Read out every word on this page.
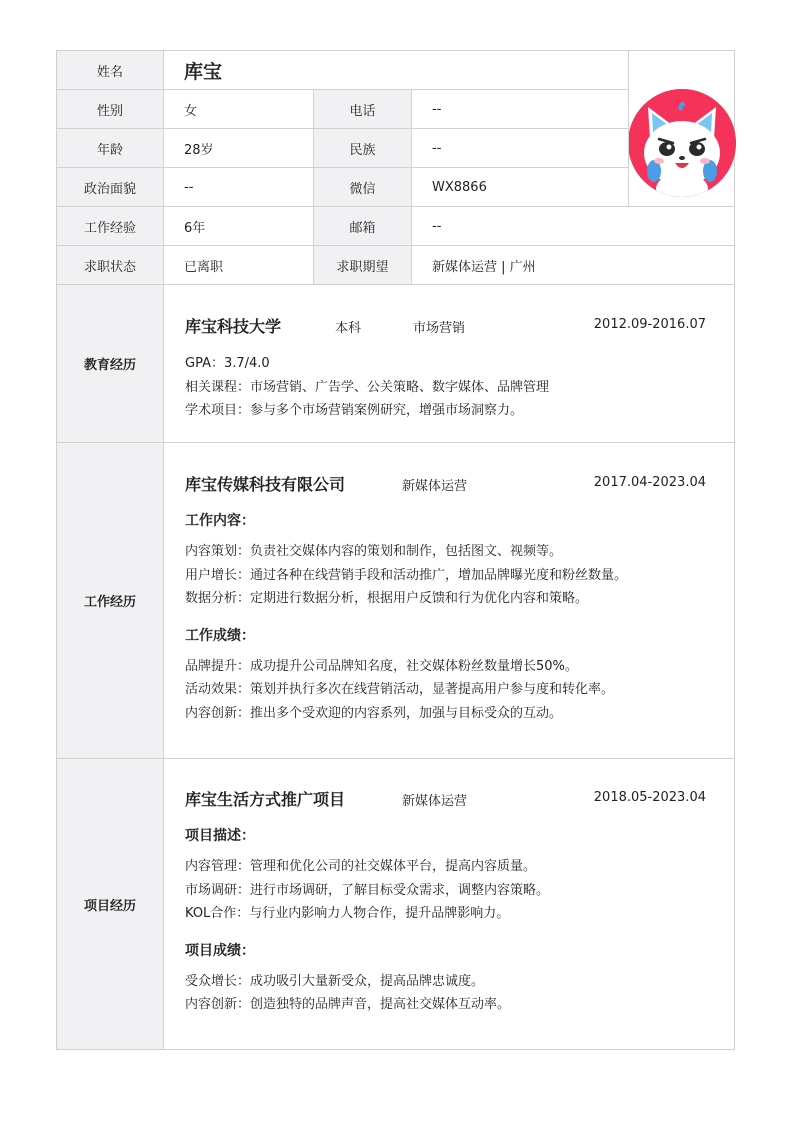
姓名	库宝
性别	女	电话	--
年龄	28岁	民族	--
政治面貌	--	微信	WX8866
工作经验	6年	邮箱	--
求职状态	已离职	求职期望	新媒体运营 | 广州
教育经历
库宝科技大学	本科	市场营销	2012.09-2016.07
GPA：3.7/4.0
相关课程：市场营销、广告学、公关策略、数字媒体、品牌管理
学术项目：参与多个市场营销案例研究，增强市场洞察力。
工作经历
库宝传媒科技有限公司	新媒体运营	2017.04-2023.04
工作内容：
内容策划：负责社交媒体内容的策划和制作，包括图文、视频等。
用户增长：通过各种在线营销手段和活动推广，增加品牌曝光度和粉丝数量。
数据分析：定期进行数据分析，根据用户反馈和行为优化内容和策略。
工作成绩：
品牌提升：成功提升公司品牌知名度，社交媒体粉丝数量增长50%。
活动效果：策划并执行多次在线营销活动，显著提高用户参与度和转化率。
内容创新：推出多个受欢迎的内容系列，加强与目标受众的互动。
项目经历
库宝生活方式推广项目	新媒体运营	2018.05-2023.04
项目描述：
内容管理：管理和优化公司的社交媒体平台，提高内容质量。
市场调研：进行市场调研，了解目标受众需求，调整内容策略。
KOL合作：与行业内影响力人物合作，提升品牌影响力。
项目成绩：
受众增长：成功吸引大量新受众，提高品牌忠诚度。
内容创新：创造独特的品牌声音，提高社交媒体互动率。
